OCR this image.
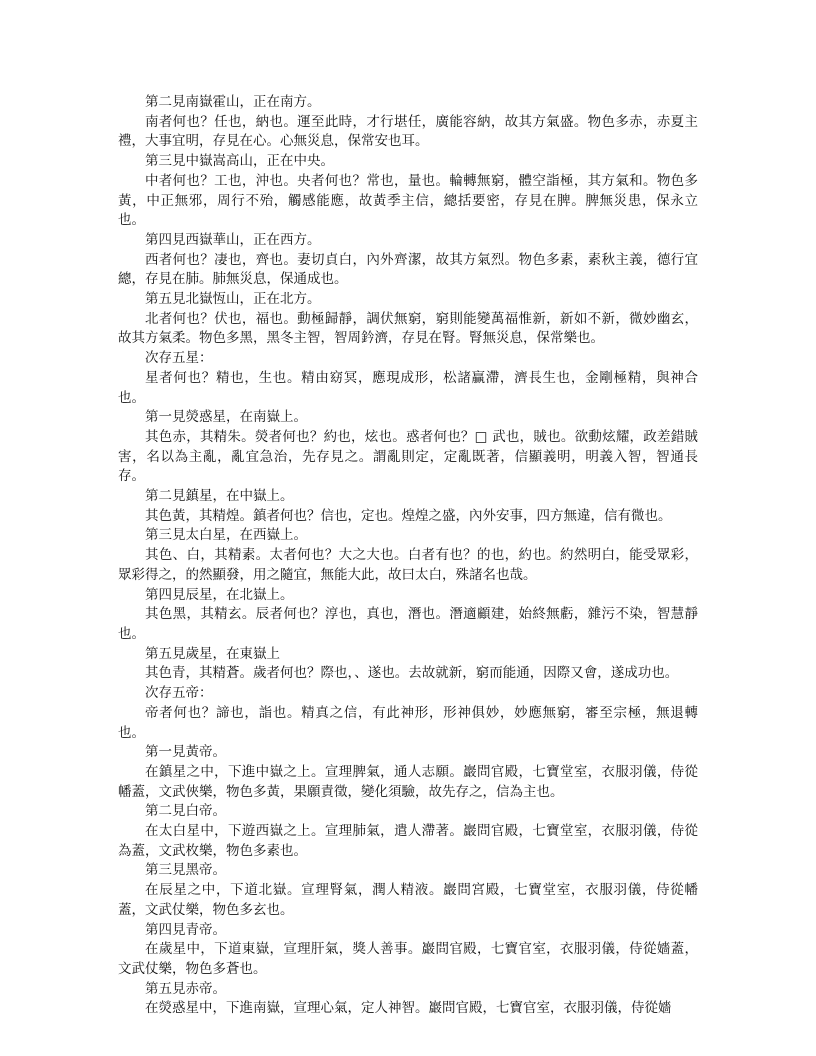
第二見南嶽霍山，正在南方。

南者何也？任也，納也。運至此時，才行堪任，廣能容納，故其方氣盛。物色多赤，赤夏主禮，大事宜明，存見在心。心無災息，保常安也耳。

第三見中嶽嵩高山，正在中央。

中者何也？工也，沖也。央者何也？常也，量也。輪轉無窮，體空詣極，其方氣和。物色多黃，中正無邪，周行不殆，觸感能應，故黃季主信，總括要密，存見在脾。脾無災患，保永立也。

第四見西嶽華山，正在西方。

西者何也？凄也，齊也。妻切貞白，內外齊潔，故其方氣烈。物色多素，素秋主義，德行宜總，存見在肺。肺無災息，保通成也。

第五見北嶽恆山，正在北方。

北者何也？伏也，福也。動極歸靜，調伏無窮，窮則能變萬福惟新，新如不新，微妙幽玄，故其方氣柔。物色多黑，黑冬主智，智周鈐濟，存見在腎。腎無災息，保常樂也。

次存五星：

星者何也？精也，生也。精由窈冥，應現成形，松諸贏滯，濟長生也，金剛極精，與神合也。

第一見熒惑星，在南嶽上。

其色赤，其精朱。熒者何也？約也，炫也。惑者何也？□ 武也，賊也。欲動炫耀，政差錯賊害，名以為主亂，亂宜急治，先存見之。謂亂則定，定亂既著，信顯義明，明義入智，智通長存。

第二見鎮星，在中嶽上。

其色黃，其精煌。鎮者何也？信也，定也。煌煌之盛，內外安事，四方無違，信有微也。

第三見太白星，在西嶽上。

其色、白，其精素。太者何也？大之大也。白者有也？的也，約也。約然明白，能受眾彩，眾彩得之，的然顯發，用之隨宜，無能大此，故曰太白，殊諸名也哉。

第四見辰星，在北嶽上。

其色黑，其精玄。辰者何也？淳也，真也，潛也。潛適顧建，始終無虧，雜污不染，智慧靜也。

第五見歲星，在東嶽上

其色青，其精蒼。歲者何也？際也，、遂也。去故就新，窮而能通，因際又會，遂成功也。

次存五帝：

帝者何也？諦也，詣也。精真之信，有此神形，形神俱妙，妙應無窮，審至宗極，無退轉也。

第一見黃帝。

在鎮星之中，下進中嶽之上。宣理脾氣，通人志願。巖問官殿，七寶堂室，衣服羽儀，侍從幡蓋，文武俠樂，物色多黃，果願責徵，變化須驗，故先存之，信為主也。

第二見白帝。

在太白星中，下遊西嶽之上。宣理肺氣，遣人滯著。巖問官殿，七寶堂室，衣服羽儀，侍從為蓋，文武枚樂，物色多素也。

第三見黑帝。

在辰星之中，下道北嶽。宣理腎氣，潤人精液。巖問宮殿，七寶堂室，衣服羽儀，侍從幡蓋，文武仗樂，物色多玄也。

第四見青帝。

在歲星中，下道東嶽，宣理肝氣，獎人善事。巖問官殿，七寶官室，衣服羽儀，侍從嬙蓋，文武仗樂，物色多蒼也。

第五見赤帝。

在熒惑星中，下進南嶽，宣理心氣，定人神智。巖問官殿，七寶官室，衣服羽儀，侍從嬙
